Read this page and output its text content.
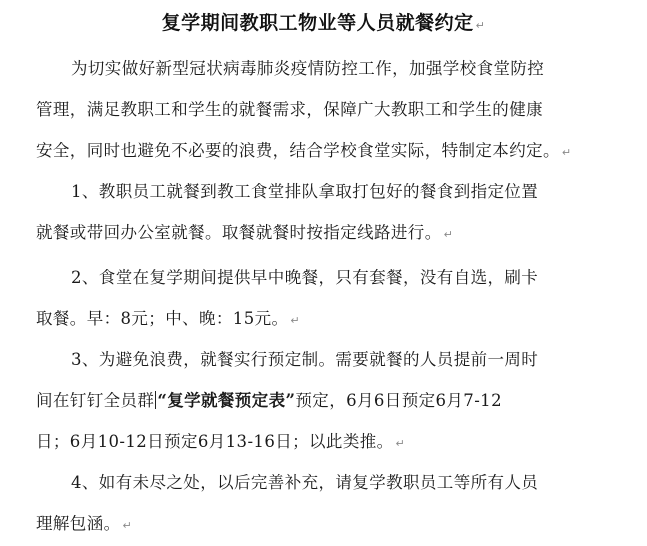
复学期间教职工物业等人员就餐约定 ↵
为切实做好新型冠状病毒肺炎疫情防控工作，加强学校食堂防控
管理，满足教职工和学生的就餐需求，保障广大教职工和学生的健康
安全，同时也避免不必要的浪费，结合学校食堂实际，特制定本约定。 ↵
1、教职员工就餐到教工食堂排队拿取打包好的餐食到指定位置
就餐或带回办公室就餐。取餐就餐时按指定线路进行。 ↵
2、食堂在复学期间提供早中晚餐，只有套餐，没有自选，刷卡
取餐。早：8元；中、晚：15元。 ↵
3、为避免浪费，就餐实行预定制。需要就餐的人员提前一周时
间在钉钉全员群 “复学就餐预定表”预定，6月6日预定6月7-12
日；6月10-12日预定6月13-16日；以此类推。 ↵
4、如有未尽之处，以后完善补充，请复学教职员工等所有人员
理解包涵。 ↵
